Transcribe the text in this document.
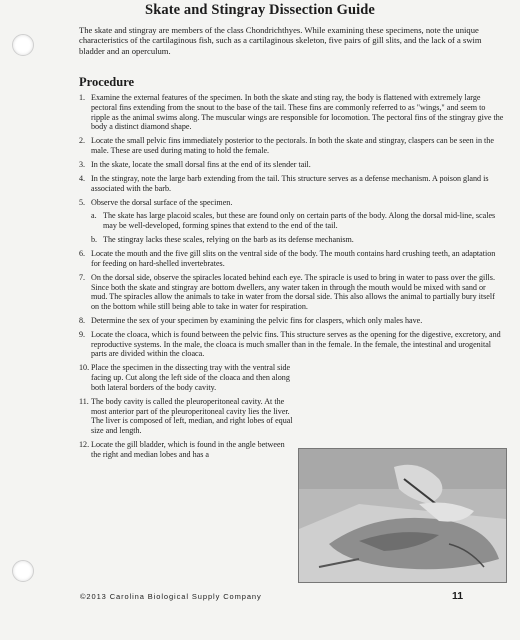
Skate and Stingray Dissection Guide
The skate and stingray are members of the class Chondrichthyes. While examining these specimens, note the unique characteristics of the cartilaginous fish, such as a cartilaginous skeleton, five pairs of gill slits, and the lack of a swim bladder and an operculum.
Procedure
1. Examine the external features of the specimen. In both the skate and sting ray, the body is flattened with extremely large pectoral fins extending from the snout to the base of the tail. These fins are commonly referred to as "wings," and seem to ripple as the animal swims along. The muscular wings are responsible for locomotion. The pectoral fins of the stingray give the body a distinct diamond shape.
2. Locate the small pelvic fins immediately posterior to the pectorals. In both the skate and stingray, claspers can be seen in the male. These are used during mating to hold the female.
3. In the skate, locate the small dorsal fins at the end of its slender tail.
4. In the stingray, note the large barb extending from the tail. This structure serves as a defense mechanism. A poison gland is associated with the barb.
5. Observe the dorsal surface of the specimen.
a. The skate has large placoid scales, but these are found only on certain parts of the body. Along the dorsal mid-line, scales may be well-developed, forming spines that extend to the end of the tail.
b. The stingray lacks these scales, relying on the barb as its defense mechanism.
6. Locate the mouth and the five gill slits on the ventral side of the body. The mouth contains hard crushing teeth, an adaptation for feeding on hard-shelled invertebrates.
7. On the dorsal side, observe the spiracles located behind each eye. The spiracle is used to bring in water to pass over the gills. Since both the skate and stingray are bottom dwellers, any water taken in through the mouth would be mixed with sand or mud. The spiracles allow the animals to take in water from the dorsal side. This also allows the animal to partially bury itself on the bottom while still being able to take in water for respiration.
8. Determine the sex of your specimen by examining the pelvic fins for claspers, which only males have.
9. Locate the cloaca, which is found between the pelvic fins. This structure serves as the opening for the digestive, excretory, and reproductive systems. In the male, the cloaca is much smaller than in the female. In the female, the intestinal and urogenital parts are divided within the cloaca.
10. Place the specimen in the dissecting tray with the ventral side facing up. Cut along the left side of the cloaca and then along both lateral borders of the body cavity.
11. The body cavity is called the pleuroperitoneal cavity. At the most anterior part of the pleuroperitoneal cavity lies the liver. The liver is composed of left, median, and right lobes of equal size and length.
12. Locate the gill bladder, which is found in the angle between the right and median lobes and has a
©2013 Carolina Biological Supply Company	11
